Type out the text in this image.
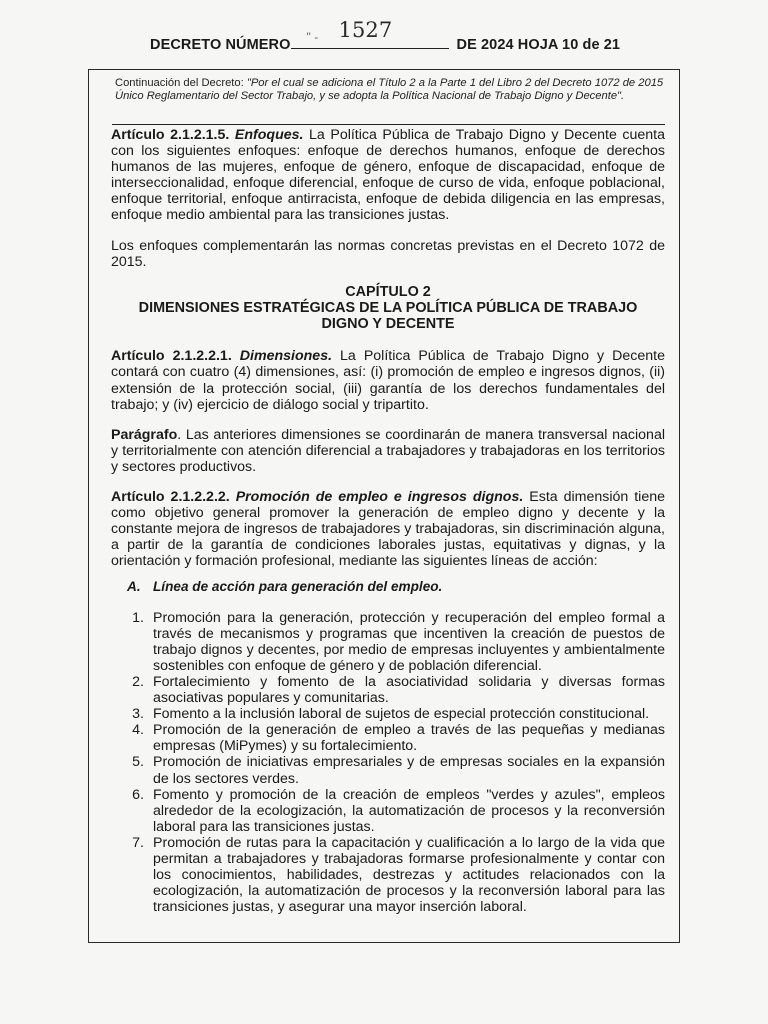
DECRETO NÚMERO " - 1527
DE 2024 HOJA 10 de 21
Continuación del Decreto: "Por el cual se adiciona el Título 2 a la Parte 1 del Libro 2 del Decreto 1072 de 2015 Único Reglamentario del Sector Trabajo, y se adopta la Política Nacional de Trabajo Digno y Decente".

Artículo 2.1.2.1.5. Enfoques. La Política Pública de Trabajo Digno y Decente cuenta con los siguientes enfoques: enfoque de derechos humanos, enfoque de derechos humanos de las mujeres, enfoque de género, enfoque de discapacidad, enfoque de interseccionalidad, enfoque diferencial, enfoque de curso de vida, enfoque poblacional, enfoque territorial, enfoque antirracista, enfoque de debida diligencia en las empresas, enfoque medio ambiental para las transiciones justas.

Los enfoques complementarán las normas concretas previstas en el Decreto 1072 de 2015.

CAPÍTULO 2
DIMENSIONES ESTRATÉGICAS DE LA POLÍTICA PÚBLICA DE TRABAJO DIGNO Y DECENTE

Artículo 2.1.2.2.1. Dimensiones. La Política Pública de Trabajo Digno y Decente contará con cuatro (4) dimensiones, así: (i) promoción de empleo e ingresos dignos, (ii) extensión de la protección social, (iii) garantía de los derechos fundamentales del trabajo; y (iv) ejercicio de diálogo social y tripartito.

Parágrafo. Las anteriores dimensiones se coordinarán de manera transversal nacional y territorialmente con atención diferencial a trabajadores y trabajadoras en los territorios y sectores productivos.

Artículo 2.1.2.2.2. Promoción de empleo e ingresos dignos. Esta dimensión tiene como objetivo general promover la generación de empleo digno y decente y la constante mejora de ingresos de trabajadores y trabajadoras, sin discriminación alguna, a partir de la garantía de condiciones laborales justas, equitativas y dignas, y la orientación y formación profesional, mediante las siguientes líneas de acción:

A. Línea de acción para generación del empleo.
1. Promoción para la generación, protección y recuperación del empleo formal a través de mecanismos y programas que incentiven la creación de puestos de trabajo dignos y decentes, por medio de empresas incluyentes y ambientalmente sostenibles con enfoque de género y de población diferencial.
2. Fortalecimiento y fomento de la asociatividad solidaria y diversas formas asociativas populares y comunitarias.
3. Fomento a la inclusión laboral de sujetos de especial protección constitucional.
4. Promoción de la generación de empleo a través de las pequeñas y medianas empresas (MiPymes) y su fortalecimiento.
5. Promoción de iniciativas empresariales y de empresas sociales en la expansión de los sectores verdes.
6. Fomento y promoción de la creación de empleos "verdes y azules", empleos alrededor de la ecologización, la automatización de procesos y la reconversión laboral para las transiciones justas.
7. Promoción de rutas para la capacitación y cualificación a lo largo de la vida que permitan a trabajadores y trabajadoras formarse profesionalmente y contar con los conocimientos, habilidades, destrezas y actitudes relacionados con la ecologización, la automatización de procesos y la reconversión laboral para las transiciones justas, y asegurar una mayor inserción laboral.
